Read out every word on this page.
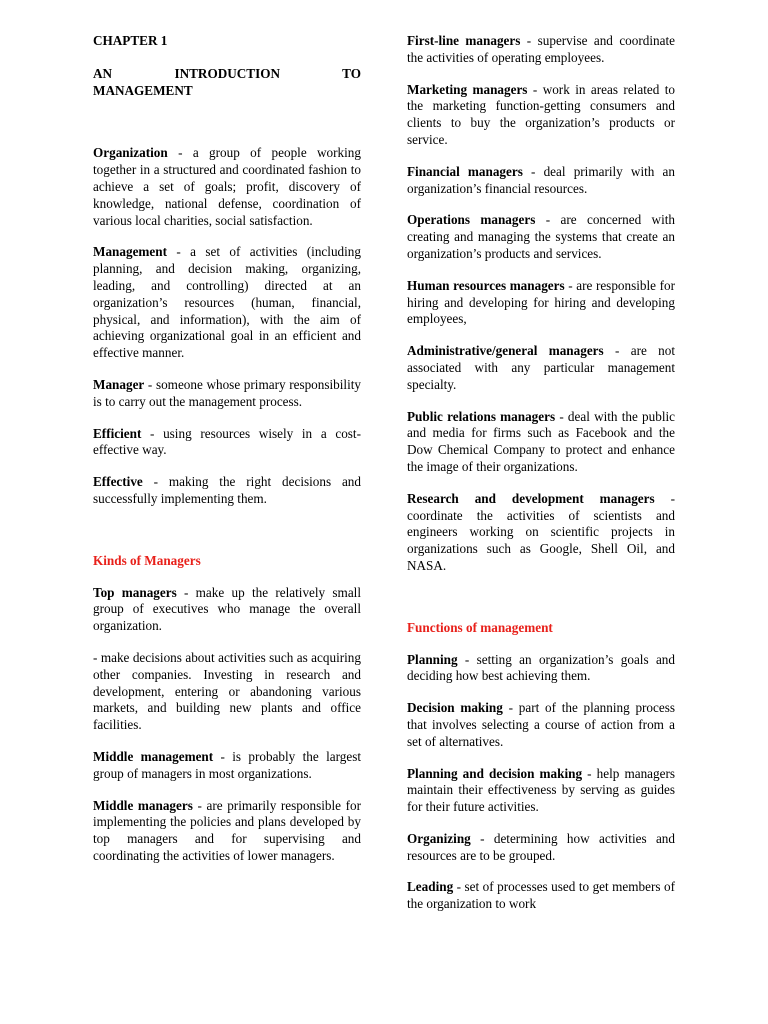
CHAPTER 1

AN INTRODUCTION TO

MANAGEMENT

Organization - a group of people working together in a structured and coordinated fashion to achieve a set of goals; profit, discovery of knowledge, national defense, coordination of various local charities, social satisfaction.

Management - a set of activities (including planning, and decision making, organizing, leading, and controlling) directed at an organization’s resources (human, financial, physical, and information), with the aim of achieving organizational goal in an efficient and effective manner.

Manager - someone whose primary responsibility is to carry out the management process.

Efficient - using resources wisely in a cost-effective way.

Effective - making the right decisions and successfully implementing them.

Kinds of Managers

Top managers - make up the relatively small group of executives who manage the overall organization.

- make decisions about activities such as acquiring other companies. Investing in research and development, entering or abandoning various markets, and building new plants and office facilities.

Middle management - is probably the largest group of managers in most organizations.

Middle managers - are primarily responsible for implementing the policies and plans developed by top managers and for supervising and coordinating the activities of lower managers.

First-line managers - supervise and coordinate the activities of operating employees.

Marketing managers - work in areas related to the marketing function-getting consumers and clients to buy the organization’s products or service.

Financial managers - deal primarily with an organization’s financial resources.

Operations managers - are concerned with creating and managing the systems that create an organization’s products and services.

Human resources managers - are responsible for hiring and developing for hiring and developing employees,

Administrative/general managers - are not associated with any particular management specialty.

Public relations managers - deal with the public and media for firms such as Facebook and the Dow Chemical Company to protect and enhance the image of their organizations.

Research and development managers - coordinate the activities of scientists and engineers working on scientific projects in organizations such as Google, Shell Oil, and NASA.

Functions of management

Planning - setting an organization’s goals and deciding how best achieving them.

Decision making - part of the planning process that involves selecting a course of action from a set of alternatives.

Planning and decision making - help managers maintain their effectiveness by serving as guides for their future activities.

Organizing - determining how activities and resources are to be grouped.

Leading - set of processes used to get members of the organization to work
